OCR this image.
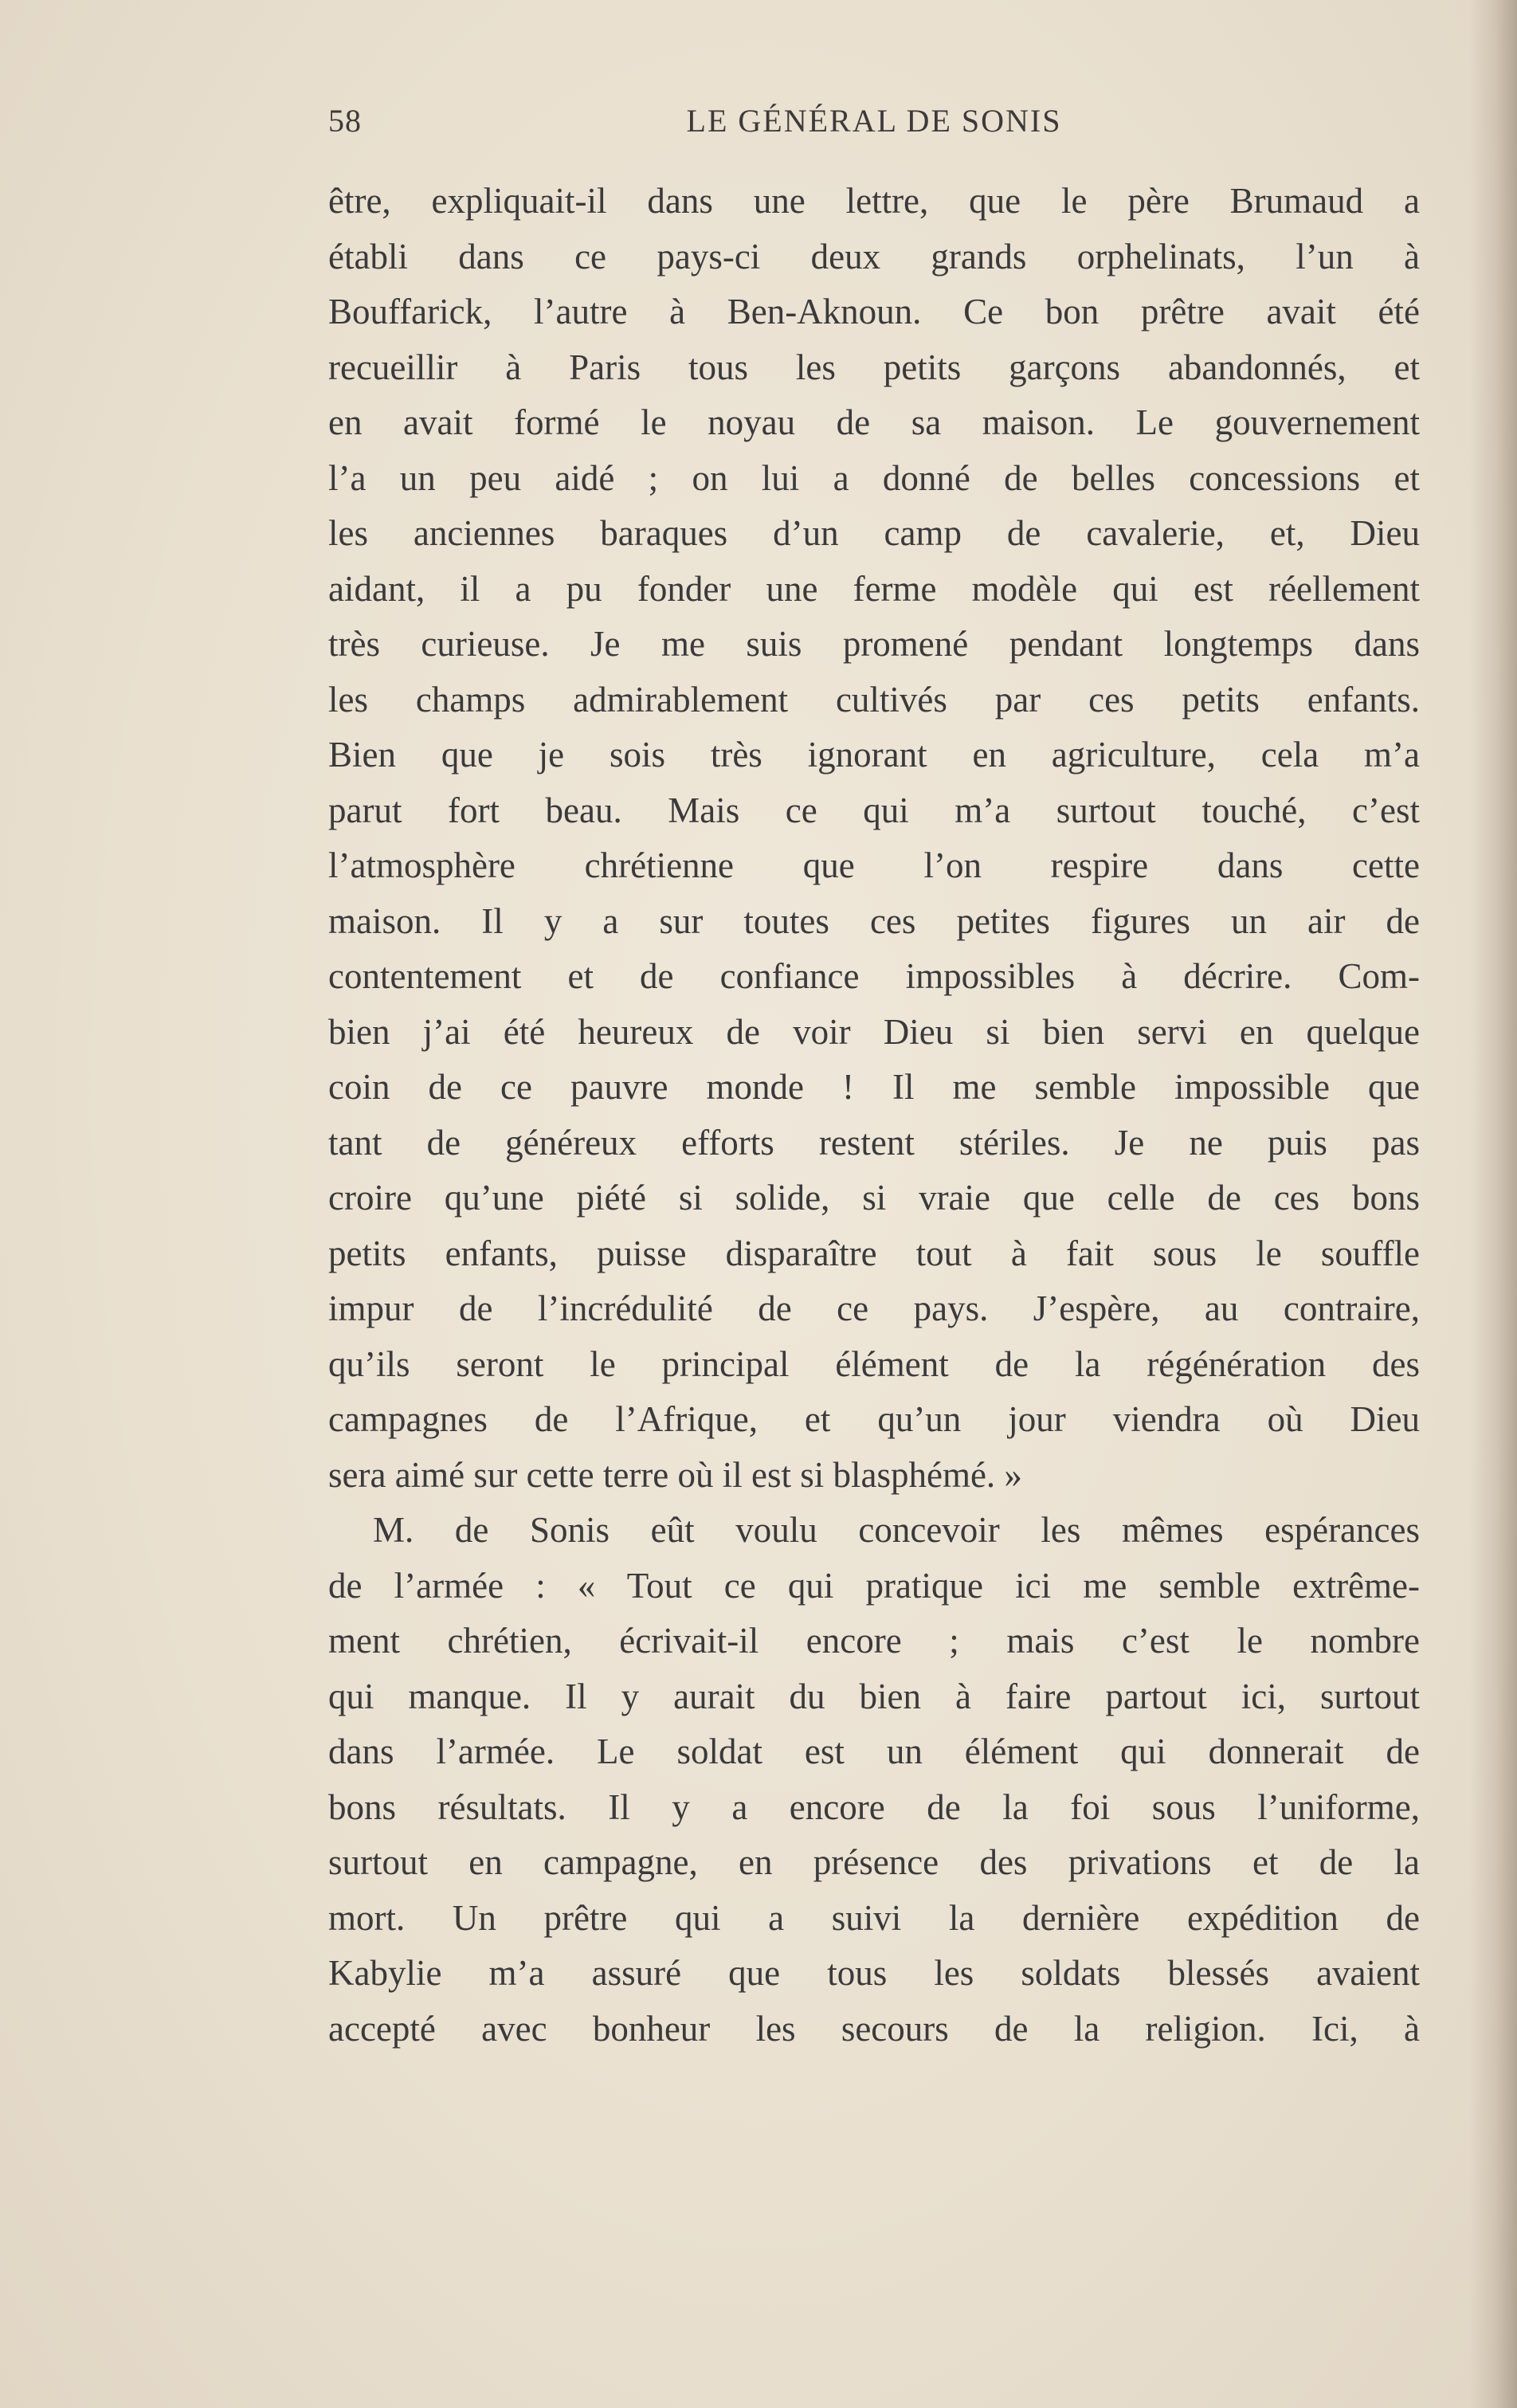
58	LE GÉNÉRAL DE SONIS
être, expliquait-il dans une lettre, que le père Brumaud a
établi dans ce pays-ci deux grands orphelinats, l’un à
Bouffarick, l’autre à Ben-Aknoun. Ce bon prêtre avait été
recueillir à Paris tous les petits garçons abandonnés, et
en avait formé le noyau de sa maison. Le gouvernement
l’a un peu aidé ; on lui a donné de belles concessions et
les anciennes baraques d’un camp de cavalerie, et, Dieu
aidant, il a pu fonder une ferme modèle qui est réellement
très curieuse. Je me suis promené pendant longtemps dans
les champs admirablement cultivés par ces petits enfants.
Bien que je sois très ignorant en agriculture, cela m’a
parut fort beau. Mais ce qui m’a surtout touché, c’est
l’atmosphère chrétienne que l’on respire dans cette
maison. Il y a sur toutes ces petites figures un air de
contentement et de confiance impossibles à décrire. Com-
bien j’ai été heureux de voir Dieu si bien servi en quelque
coin de ce pauvre monde ! Il me semble impossible que
tant de généreux efforts restent stériles. Je ne puis pas
croire qu’une piété si solide, si vraie que celle de ces bons
petits enfants, puisse disparaître tout à fait sous le souffle
impur de l’incrédulité de ce pays. J’espère, au contraire,
qu’ils seront le principal élément de la régénération des
campagnes de l’Afrique, et qu’un jour viendra où Dieu
sera aimé sur cette terre où il est si blasphémé. »
M. de Sonis eût voulu concevoir les mêmes espérances
de l’armée : « Tout ce qui pratique ici me semble extrême-
ment chrétien, écrivait-il encore ; mais c’est le nombre
qui manque. Il y aurait du bien à faire partout ici, surtout
dans l’armée. Le soldat est un élément qui donnerait de
bons résultats. Il y a encore de la foi sous l’uniforme,
surtout en campagne, en présence des privations et de la
mort. Un prêtre qui a suivi la dernière expédition de
Kabylie m’a assuré que tous les soldats blessés avaient
accepté avec bonheur les secours de la religion. Ici, à
